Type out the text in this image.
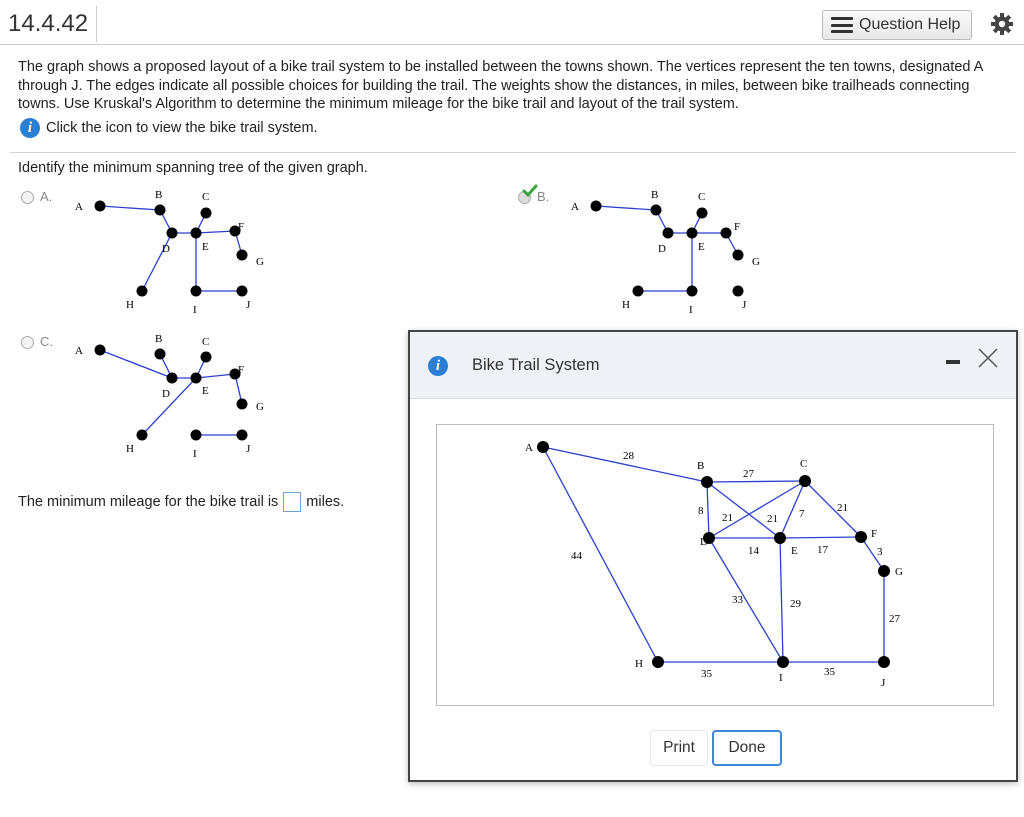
14.4.42	Question Help
The graph shows a proposed layout of a bike trail system to be installed between the towns shown. The vertices represent the ten towns, designated A through J. The edges indicate all possible choices for building the trail. The weights show the distances, in miles, between bike trailheads connecting towns. Use Kruskal's Algorithm to determine the minimum mileage for the bike trail and layout of the trail system.
i Click the icon to view the bike trail system.
Identify the minimum spanning tree of the given graph.
A.
A
B	C
D	E
F
G
H	I	J
B.
A
B	C
D	E
F
G
H	I	J
C.
A
B	C
D	E
F
G
H	I	J
The minimum mileage for the bike trail is miles.
i	Bike Trail System
28
44
27
8
21	21 7	21
14	17	3
27
33	29
35	35
A
B	C
D
E
F
G
H
I	J
Print	Done
